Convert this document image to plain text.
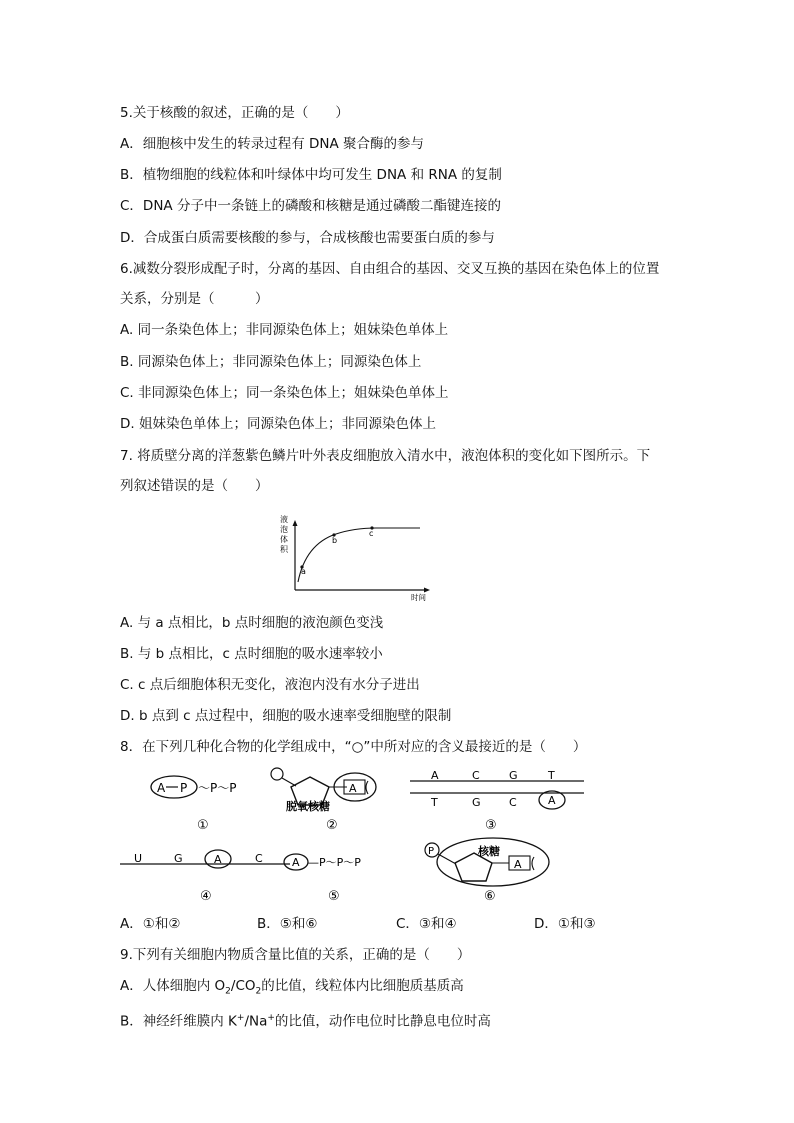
5.关于核酸的叙述，正确的是（　　）
A．细胞核中发生的转录过程有 DNA 聚合酶的参与
B．植物细胞的线粒体和叶绿体中均可发生 DNA 和 RNA 的复制
C．DNA 分子中一条链上的磷酸和核糖是通过磷酸二酯键连接的
D．合成蛋白质需要核酸的参与，合成核酸也需要蛋白质的参与
6.减数分裂形成配子时，分离的基因、自由组合的基因、交叉互换的基因在染色体上的位置
关系，分别是（　　　）
A. 同一条染色体上；非同源染色体上；姐妹染色单体上
B. 同源染色体上；非同源染色体上；同源染色体上
C. 非同源染色体上；同一条染色体上；姐妹染色单体上
D. 姐妹染色单体上；同源染色体上；非同源染色体上
7. 将质壁分离的洋葱紫色鳞片叶外表皮细胞放入清水中，液泡体积的变化如下图所示。下
列叙述错误的是（　　）
液
泡
体
积
a
b
c
时间
A. 与 a 点相比，b 点时细胞的液泡颜色变浅
B. 与 b 点相比，c 点时细胞的吸水速率较小
C. c 点后细胞体积无变化，液泡内没有水分子进出
D. b 点到 c 点过程中，细胞的吸水速率受细胞壁的限制
8．在下列几种化合物的化学组成中，“○”中所对应的含义最接近的是（　　）
A P ～P～P
①
A
脱氧核糖
②
A	C	G	T
T	G	C	A
③
U	G	A	C
④
A —P～P～P
⑤
P	核糖
A
⑥
A．①和②	B．⑤和⑥	C．③和④	D．①和③
9.下列有关细胞内物质含量比值的关系，正确的是（　　）
A．人体细胞内 $O_2/CO_2$的比值，线粒体内比细胞质基质高
B．神经纤维膜内 K+/Na+的比值，动作电位时比静息电位时高
